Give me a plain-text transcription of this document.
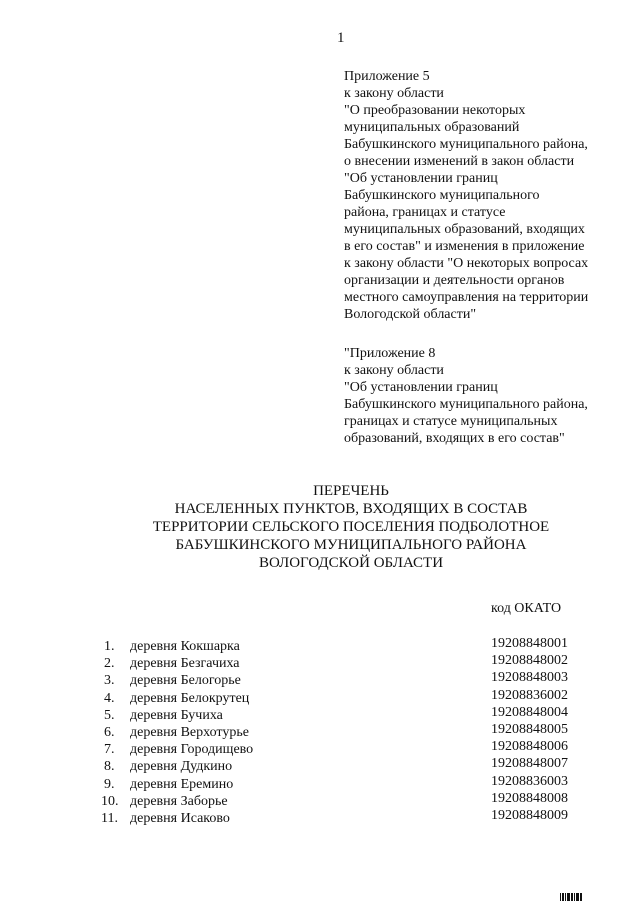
1
Приложение 5
к закону области
"О преобразовании некоторых
муниципальных образований
Бабушкинского муниципального района,
о внесении изменений в закон области
"Об установлении границ
Бабушкинского муниципального
района, границах и статусе
муниципальных образований, входящих
в его состав" и изменения в приложение
к закону области "О некоторых вопросах
организации и деятельности органов
местного самоуправления на территории
Вологодской области"
"Приложение 8
к закону области
"Об установлении границ
Бабушкинского муниципального района,
границах и статусе муниципальных
образований, входящих в его состав"
ПЕРЕЧЕНЬ
НАСЕЛЕННЫХ ПУНКТОВ, ВХОДЯЩИХ В СОСТАВ
ТЕРРИТОРИИ СЕЛЬСКОГО ПОСЕЛЕНИЯ ПОДБОЛОТНОЕ
БАБУШКИНСКОГО МУНИЦИПАЛЬНОГО РАЙОНА
ВОЛОГОДСКОЙ ОБЛАСТИ
код ОКАТО
1. деревня Кокшарка	19208848001
2. деревня Безгачиха	19208848002
3. деревня Белогорье	19208848003
4. деревня Белокрутец	19208836002
5. деревня Бучиха	19208848004
6. деревня Верхотурье	19208848005
7. деревня Городищево	19208848006
8. деревня Дудкино	19208848007
9. деревня Еремино	19208836003
10. деревня Заборье	19208848008
11. деревня Исаково	19208848009
